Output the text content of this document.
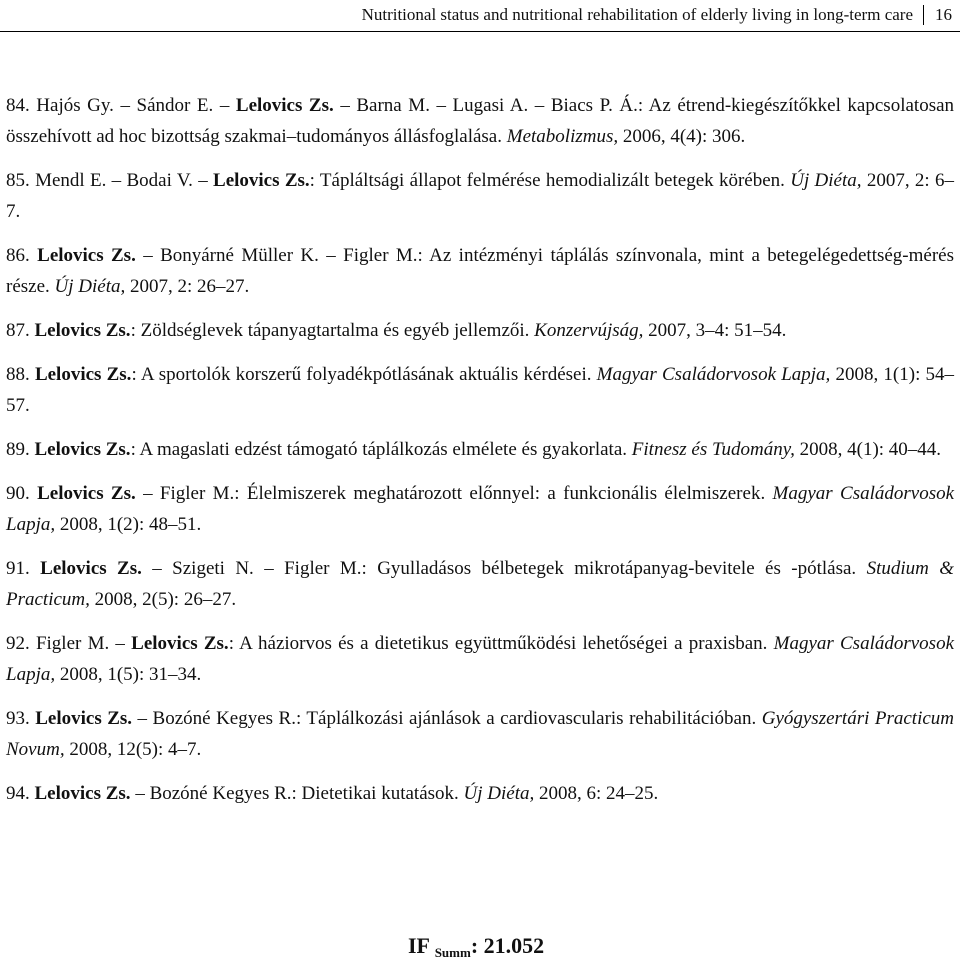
Nutritional status and nutritional rehabilitation of elderly living in long-term care	16

84. Hajós Gy. – Sándor E. – Lelovics Zs. – Barna M. – Lugasi A. – Biacs P. Á.: Az étrend-kiegészítőkkel kapcsolatosan összehívott ad hoc bizottság szakmai–tudományos állásfoglalása. Metabolizmus, 2006, 4(4): 306.

85. Mendl E. – Bodai V. – Lelovics Zs.: Tápláltsági állapot felmérése hemodializált betegek körében. Új Diéta, 2007, 2: 6–7.

86. Lelovics Zs. – Bonyárné Müller K. – Figler M.: Az intézményi táplálás színvonala, mint a betegelégedettség-mérés része. Új Diéta, 2007, 2: 26–27.

87. Lelovics Zs.: Zöldséglevek tápanyagtartalma és egyéb jellemzői. Konzervújság, 2007, 3–4: 51–54.

88. Lelovics Zs.: A sportolók korszerű folyadékpótlásának aktuális kérdései. Magyar Családorvosok Lapja, 2008, 1(1): 54–57.

89. Lelovics Zs.: A magaslati edzést támogató táplálkozás elmélete és gyakorlata. Fitnesz és Tudomány, 2008, 4(1): 40–44.

90. Lelovics Zs. – Figler M.: Élelmiszerek meghatározott előnnyel: a funkcionális élelmiszerek. Magyar Családorvosok Lapja, 2008, 1(2): 48–51.

91. Lelovics Zs. – Szigeti N. – Figler M.: Gyulladásos bélbetegek mikrotápanyag-bevitele és -pótlása. Studium & Practicum, 2008, 2(5): 26–27.

92. Figler M. – Lelovics Zs.: A háziorvos és a dietetikus együttműködési lehetőségei a praxisban. Magyar Családorvosok Lapja, 2008, 1(5): 31–34.

93. Lelovics Zs. – Bozóné Kegyes R.: Táplálkozási ajánlások a cardiovascularis rehabilitációban. Gyógyszertári Practicum Novum, 2008, 12(5): 4–7.

94. Lelovics Zs. – Bozóné Kegyes R.: Dietetikai kutatások. Új Diéta, 2008, 6: 24–25.

IF $_{Summ}$: 21.052
